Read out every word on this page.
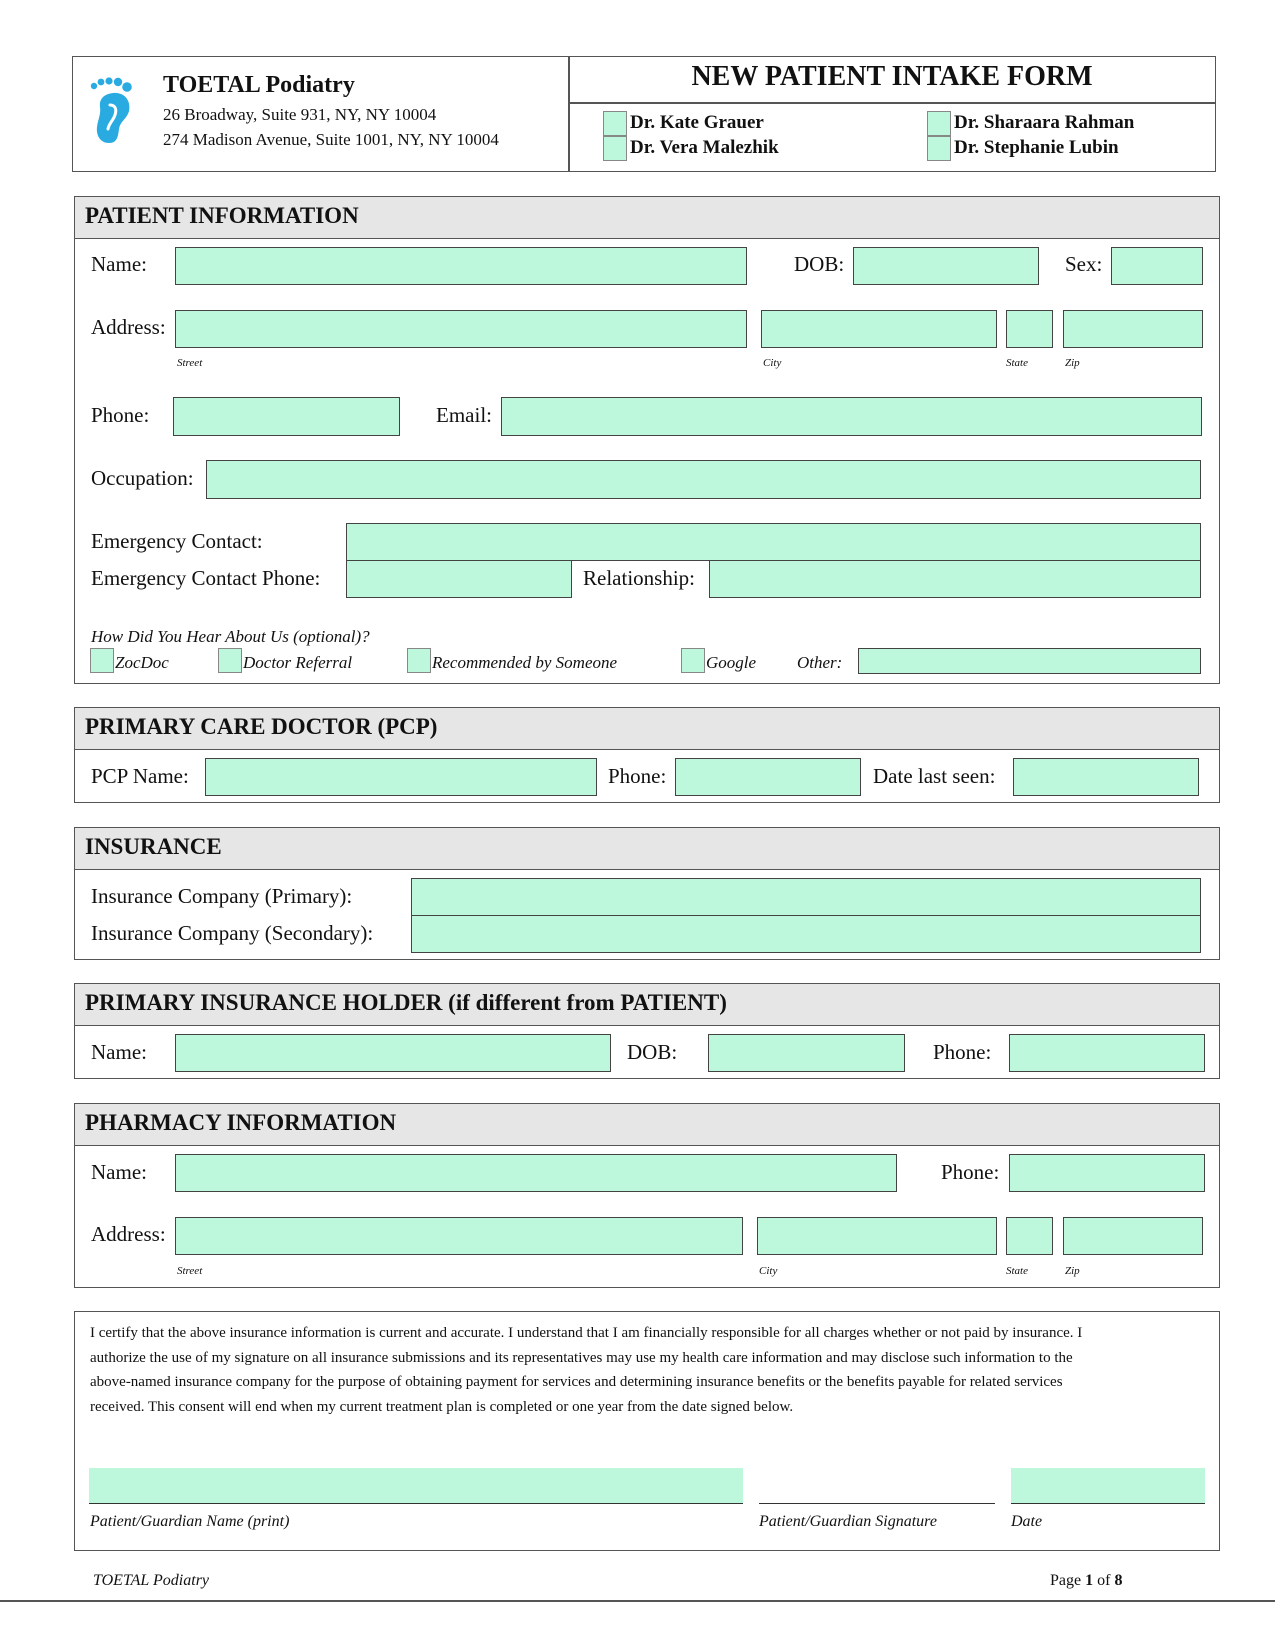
TOETAL Podiatry
26 Broadway, Suite 931, NY, NY 10004
274 Madison Avenue, Suite 1001, NY, NY 10004
NEW PATIENT INTAKE FORM
Dr. Kate Grauer
Dr. Vera Malezhik
Dr. Sharaara Rahman
Dr. Stephanie Lubin
PATIENT INFORMATION
Name:	DOB:	Sex:
Address:
Street	City	State	Zip
Phone:	Email:
Occupation:
Emergency Contact:
Emergency Contact Phone:	Relationship:
How Did You Hear About Us (optional)?
ZocDoc	Doctor Referral	Recommended by Someone	Google Other:
PRIMARY CARE DOCTOR (PCP)
PCP Name:	Phone:	Date last seen:
INSURANCE
Insurance Company (Primary):
Insurance Company (Secondary):
PRIMARY INSURANCE HOLDER (if different from PATIENT)
Name:	DOB:	Phone:
PHARMACY INFORMATION
Name:	Phone:
Address:
Street	City	State	Zip
I certify that the above insurance information is current and accurate. I understand that I am financially responsible for all charges whether or not paid by insurance. I
authorize the use of my signature on all insurance submissions and its representatives may use my health care information and may disclose such information to the
above-named insurance company for the purpose of obtaining payment for services and determining insurance benefits or the benefits payable for related services
received. This consent will end when my current treatment plan is completed or one year from the date signed below.
Patient/Guardian Name (print)	Patient/Guardian Signature	Date
TOETAL Podiatry	Page 1 of 8
